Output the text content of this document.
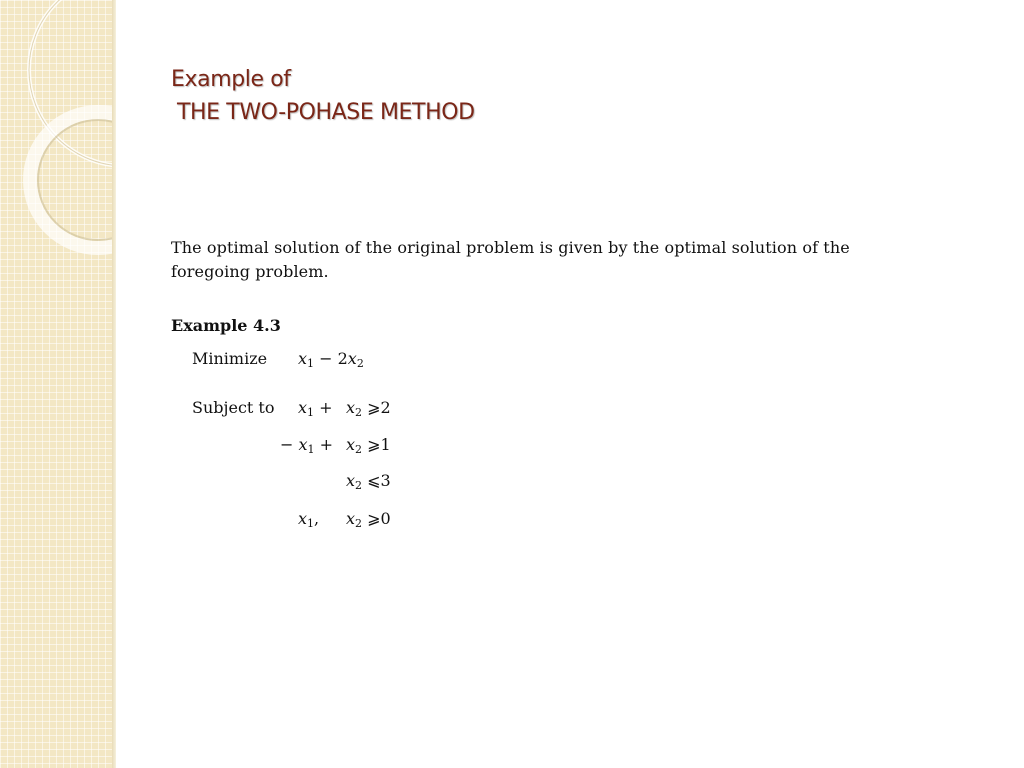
Example of
THE TWO-POHASE METHOD
The optimal solution of the original problem is given by the optimal solution of the foregoing problem.
Example 4.3
Minimize
Subject to
$x_1 - 2x_2$
$x_1 + x_2$ ⩾2
− $x_1 + x_2$ ⩾1
$x_2$ ⩽3
$x_1$, $x_2$ ⩾0
